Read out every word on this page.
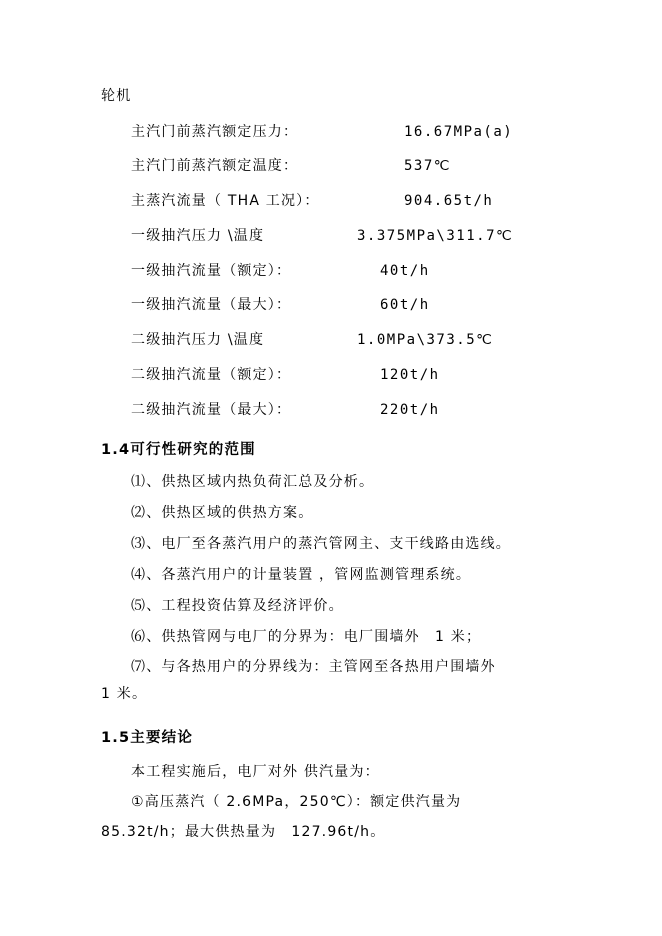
轮机
主汽门前蒸汽额定压力：	16.67MPa(a)
主汽门前蒸汽额定温度：	537℃
主蒸汽流量（ THA 工况）：	904.65t/h
一级抽汽压力 \温度	3.375MPa\311.7℃
一级抽汽流量（额定）：	40t/h
一级抽汽流量（最大）：	60t/h
二级抽汽压力 \温度	1.0MPa\373.5℃
二级抽汽流量（额定）：	120t/h
二级抽汽流量（最大）：	220t/h
1.4可行性研究的范围
⑴、供热区域内热负荷汇总及分析。
⑵、供热区域的供热方案。
⑶、电厂至各蒸汽用户的蒸汽管网主、支干线路由选线。
⑷、各蒸汽用户的计量装置 ，管网监测管理系统。
⑸、工程投资估算及经济评价。
⑹、供热管网与电厂的分界为：电厂围墙外　1 米；
⑺、与各热用户的分界线为：主管网至各热用户围墙外
1 米。
1.5主要结论
本工程实施后，电厂对外 供汽量为：
①高压蒸汽（ 2.6MPa，250℃）：额定供汽量为
85.32t/h；最大供热量为　127.96t/h。
